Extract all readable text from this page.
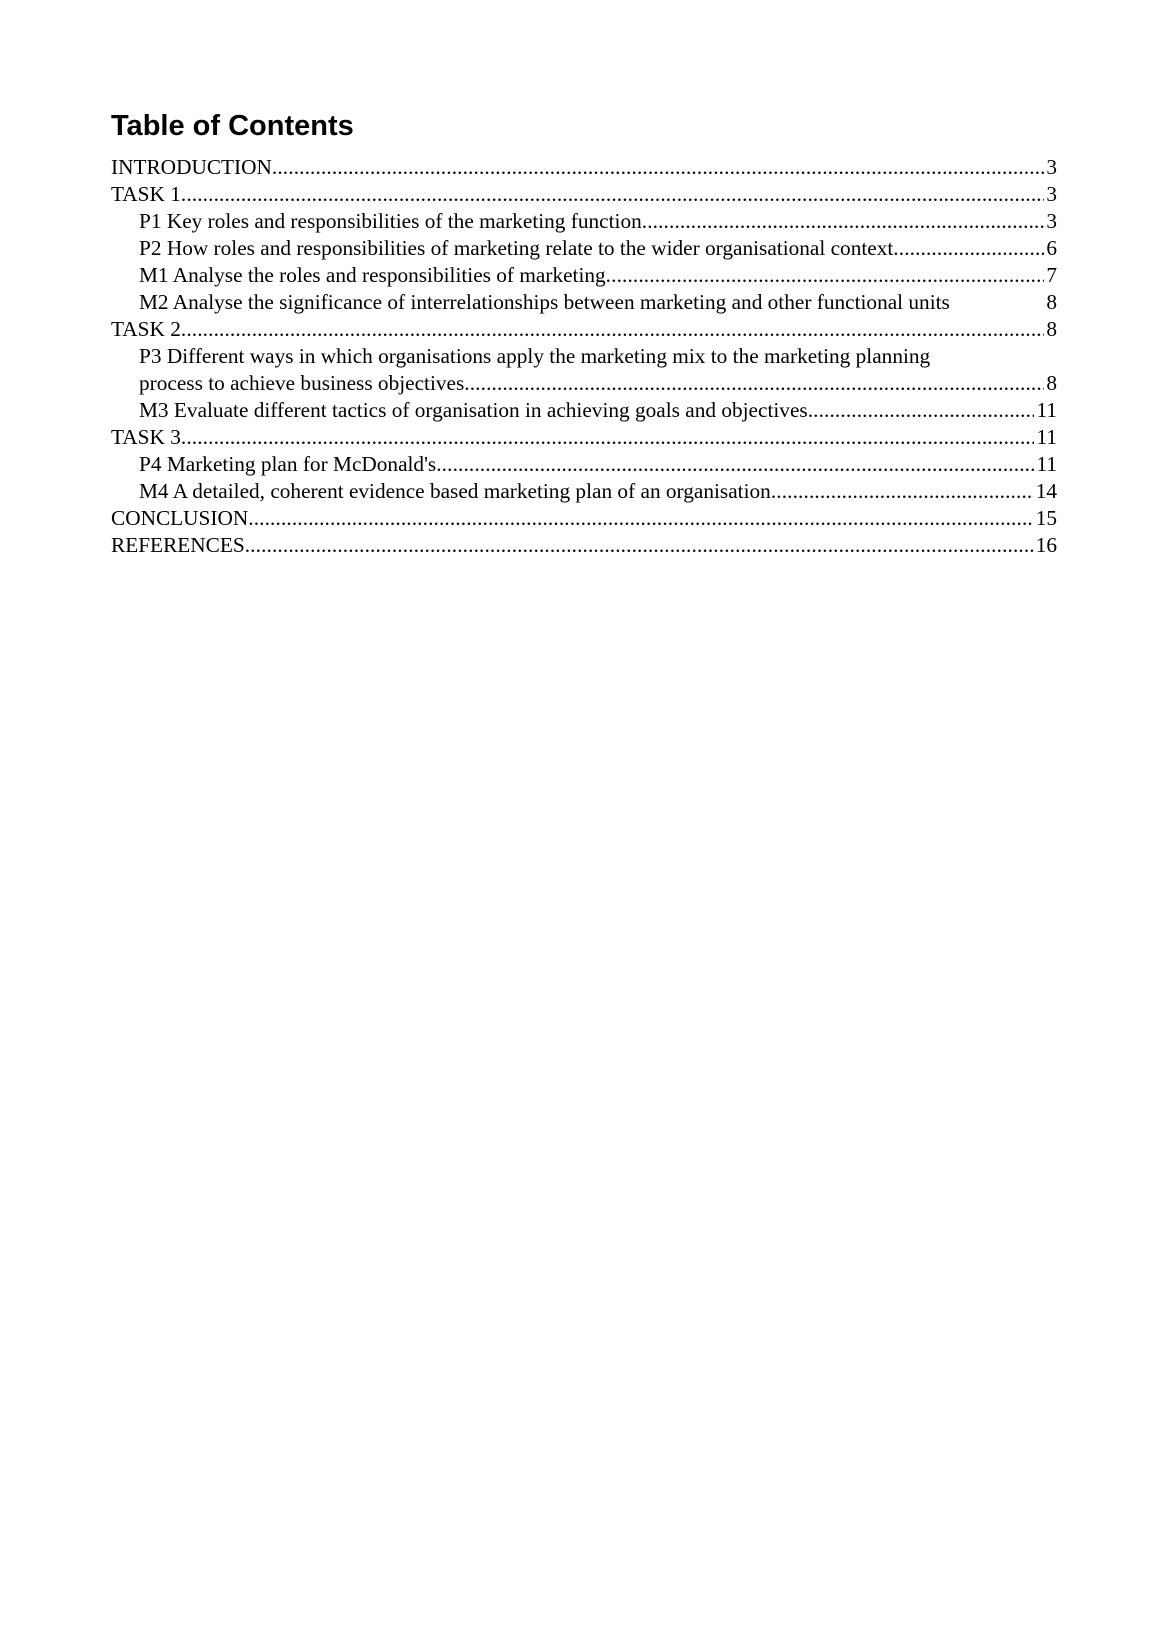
Table of Contents
INTRODUCTION . . .	3
TASK 1 . . .	3
P1 Key roles and responsibilities of the marketing function . . .	3
P2 How roles and responsibilities of marketing relate to the wider organisational context . . .	6
M1 Analyse the roles and responsibilities of marketing . . .	7
M2 Analyse the significance of interrelationships between marketing and other functional units	8
TASK 2 . . .	8
P3 Different ways in which organisations apply the marketing mix to the marketing planning
process to achieve business objectives . . .	8
M3 Evaluate different tactics of organisation in achieving goals and objectives . . .	11
TASK 3 . . .	11
P4 Marketing plan for McDonald's . . .	11
M4 A detailed, coherent evidence based marketing plan of an organisation . . .	14
CONCLUSION . . .	15
REFERENCES . . .	16
